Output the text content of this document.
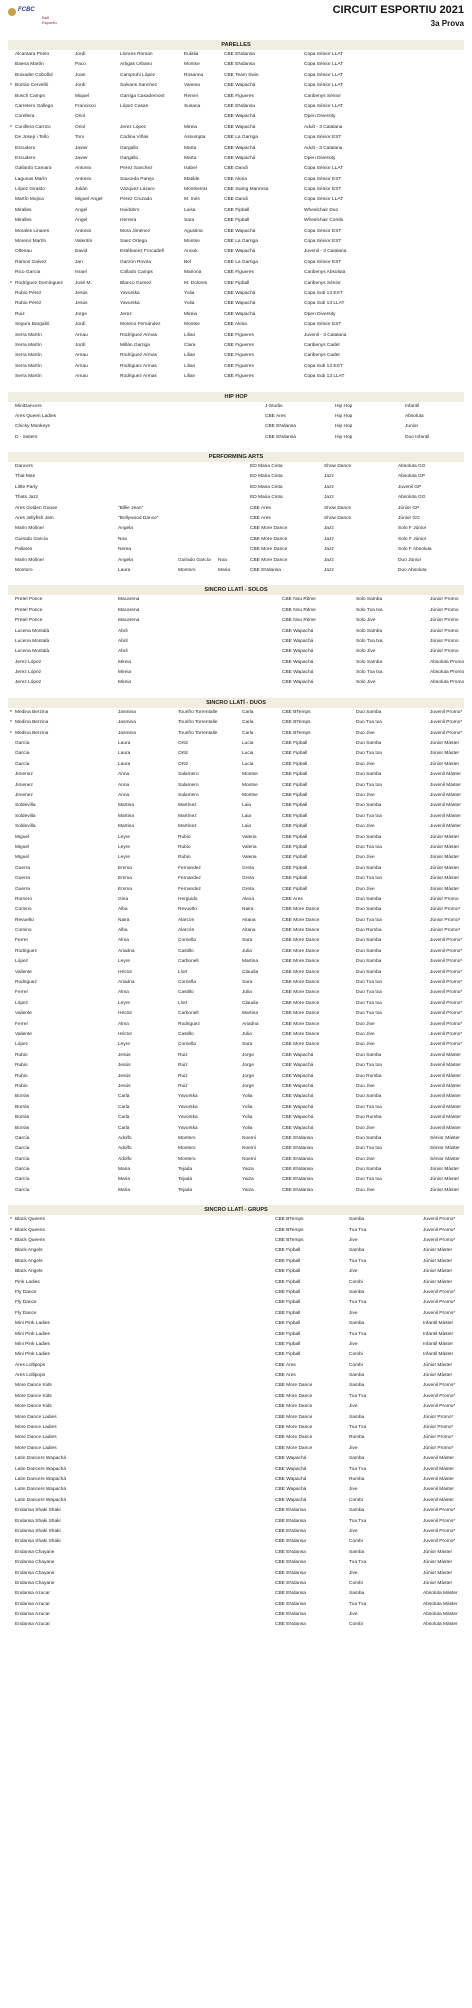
FCBC
Ball Esportiu
CIRCUIT ESPORTIU 2021
3a Prova
PARELLES
Alcantara Prieto	Jordi	Llorens Roman	Eulàlia	CBE ENdansa	Copa Sènior LLAT
Baena Martín	Paco	Artigas Urbano	Montse	CBE ENdansa	Copa Sènior LLAT
Boixader Cobollol	Joan	Campruhi López	Rosanna	CBE Team Swin	Copa Sènior LLAT
* Borrào Cervelló	Jordi	Salvans Sanchez	Vanesa	CBE Wapachá	Copa Sènior LLAT
Bosch Camps	Miquel	Garriga Casademont	Remei	CBE Figueres	Caribenys Sènior
Carretero Gallego	Francisco	López Casas	Susana	CBE ENdansa	Copa Sènior LLAT
Corellera	Oriol	CBE Wapachá	Open Diversity
* Cunillera Carrizo	Oriol	Jerez López	Mireia	CBE Wapachá	Adult - 3 Catalana
De Josep i Tello	Toni	Codina Viñas	Assumpta	CBE La Garriga	Copa Sènior EST
Escudero	Javier	Gargallo	Marta	CBE Wapachá	Adult - 3 Catalana
Escudero	Javier	Gargallo	Marta	CBE Wapachá	Open Diversity
Gallardo Camara	Antonio	Perez Sanchez	Isabel	CBE Dandi	Copa Sènior LLAT
Lagunas Marín	Antonio	Sauceda Parejo	Matilde	CBE Akiria	Copa Sènior EST
López Giraldo	Julián	Vázquez Lázaro	Montserrat	CBE Swing Manresa	Copa Sènior EST
Martín Mojica	Miguel Angel	Pérez Cruzado	M. Inés	CBE Dandi	Copa Sènior LLAT
Miralles	Angel	Huidobro	Luisa	CBE Fipball	Wheelchair Duo
Miralles	Angel	Herrera	Sara	CBE Fipball	Wheelchair Combi
Morales Linares	Antonio	Mora Jiménez	Agustina	CBE Wapachá	Copa Sènior EST
Moreno Martín	Valentín	Saez Ortega	Montse	CBE La Garriga	Copa Sènior EST
Oltenau	David	Estébanez Forcadell	Anouk	CBE Wapachá	Juvenil - 3 Catalana
Ramos Galvez	Jan	Garzon Rovira	Bel	CBE La Garriga	Copa Sènior EST
Rico García	Israel	Collado Camps	Mariona	CBE Figueres	Caribenys Absoluta
* Rodríguez Domínguez	José M.	Blanco Gomez	M. Dolores	CBE Fipball	Caribenys Sènior
Rubio Pérez	Jesús	Yavorska	Yulia	CBE Wapachá	Copa Sub 13 EST
Rubio Pérez	Jesús	Yavorska	Yulia	CBE Wapachá	Copa Sub 13 LLAT
Ruiz	Jorge	Jerez	Mireia	CBE Wapachá	Open Diversity
Segura Bargalló	Jordi	Moreno Fernández	Montse	CBE Akiria	Copa Sènior EST
Serra Martín	Arnau	Rodríguez Armas	Lilian	CBE Figueres	Juvenil - 3 Catalana
Serra Martín	Jordi	Millán Garriga	Clara	CBE Figueres	Caribenys Cadet
Serra Martín	Arnau	Rodríguez Armas	Lilian	CBE Figueres	Caribenys Cadet
Serra Martín	Arnau	Rodriguez Armas	Lilian	CBE Figueres	Copa Sub 13 EST
Serra Martín	Arnau	Rodriguez Armas	Lilian	CBE Figueres	Copa Sub 13 LLAT
HIP HOP
MiniDancers	J-Studio	Hip Hop	Infantil
Ares Queen Ladies	CBE Ares	Hip Hop	Absoluta
Chicky Monkeys	CBE ENdansa	Hip Hop	Junior
D - Sisters	CBE ENdansa	Hip Hop	Duo Infantil
PERFORMING ARTS
Dancers	ED Maria Cinta	Show Dance	Absoluta GG
That Man	ED Maria Cinta	Jazz	Absoluta GP
Little Party	ED Maria Cinta	Jazz	Juvenil GP
Thats Jazz	ED Maria Cinta	Jazz	Absoluta GG
Ares Golden Goose	"Billie Jean"	CBE Ares	Show Dance	Júnior GP
Ares Jellyfish Jam	"Bollywood Dance"	CBE Ares	Show Dance	Júnior GG
Marin Moliner	Angela	CBE More Dance	Jazz	Solo F Júnior
Guirado García	Noa	CBE More Dance	Jazz	Solo F Júnior
Pallarés	Nerea	CBE More Dance	Jazz	Solo F Absoluta
Marin Moliner	Angela	Guirado García	Noa	CBE More Dance	Jazz	Duo Júnior
Montoro	Laura	Montoro	Maria	CBE ENdansa	Jazz	Duo Absoluta
SINCRO LLATÍ - SOLOS
Pretel Ponce	Macarena	CBE Nou Ritme	Solo Samba	Júnior Promo
Pretel Ponce	Macarena	CBE Nou Ritme	Solo Txa txa	Júnior Promo
Pretel Ponce	Macarena	CBE Nou Ritme	Solo Jive	Júnior Promo
Lucena Montalà	Abril	CBE Wapachá	Solo Samba	Júnior Promo
Lucena Montalà	Abril	CBE Wapachá	Solo Txa txa	Júnior Promo
Lucena Montalà	Abril	CBE Wapachá	Solo Jive	Júnior Promo
Jerez López	Mireia	CBE Wapachá	Solo Samba	Absoluta Promo
Jerez López	Mireia	CBE Wapachá	Solo Txa txa	Absoluta Promo
Jerez López	Mireia	CBE Wapachá	Solo Jive	Absoluta Promo
SINCRO LLATÍ - DUOS
* Medina Berzina	Jasmina	Touriño Torrentalle	Carla	CBE BTemps	Duo Samba	Juvenil Promo*
* Medina Berzina	Jasmina	Touriño Torrentalle	Carla	CBE BTemps	Duo Txa txa	Juvenil Promo*
* Medina Berzina	Jasmina	Touriño Torrentalle	Carla	CBE BTemps	Duo Jive	Juvenil Promo*
García	Laura	Ortiz	Lucia	CBE Fipball	Duo Samba	Júnior Màster
García	Laura	Ortiz	Lucia	CBE Fipball	Duo Txa txa	Júnior Màster
García	Laura	Ortiz	Lucia	CBE Fipball	Duo Jive	Júnior Màster
Jimenez	Anna	Salamero	Montse	CBE Fipball	Duo Samba	Juvenil Màster
Jimenez	Anna	Salamero	Montse	CBE Fipball	Duo Txa txa	Juvenil Màster
Jimenez	Anna	Salamero	Montse	CBE Fipball	Duo Jive	Juvenil Màster
Soldevilla	Martina	Martínez	Laia	CBE Fipball	Duo Samba	Juvenil Màster
Soldevilla	Martina	Martínez	Laia	CBE Fipball	Duo Txa txa	Juvenil Màster
Soldevilla	Martina	Martínez	Laia	CBE Fipball	Duo Jive	Juvenil Màster
Miguel	Leyre	Rubio	Valeria	CBE Fipball	Duo Samba	Júnior Màster
Miguel	Leyre	Rubio	Valeria	CBE Fipball	Duo Txa txa	Júnior Màster
Miguel	Leyre	Rubio	Valeria	CBE Fipball	Duo Jive	Júnior Màster
Guerra	Emma	Fernandez	Greta	CBE Fipball	Duo Samba	Júnior Màster
Guerra	Emma	Fernandez	Greta	CBE Fipball	Duo Txa txa	Júnior Màster
Guerra	Emma	Fernandez	Greta	CBE Fipball	Duo Jive	Júnior Màster
Romero	Gina	Herguido	Alexa	CBE Ares	Duo Samba	Júnior Promo
Comino	Alba	Revuelto	Naira	CBE More Dance	Duo Samba	Júnior Promo*
Revuelto	Naira	Alarcón	Aitana	CBE More Dance	Duo Txa txa	Júnior Promo*
Comino	Alba	Alarcón	Aitana	CBE More Dance	Duo Rumba	Júnior Promo*
Ferrer	Alma	Cornella	Sara	CBE More Dance	Duo Samba	Juvenil Promo*
Rodriguez	Ariadna	Castillo	Julia	CBE More Dance	Duo Samba	Juvenil Promo*
López	Leyre	Carbonell	Martina	CBE More Dance	Duo Samba	Juvenil Promo*
Valiente	Héctor	Llort	Claudia	CBE More Dance	Duo Samba	Juvenil Promo*
Rodriguez	Ariadna	Cornella	Sara	CBE More Dance	Duo Txa txa	Juvenil Promo*
Ferrer	Alma	Castillo	Julia	CBE More Dance	Duo Txa txa	Juvenil Promo*
López	Leyre	Llort	Claudia	CBE More Dance	Duo Txa txa	Juvenil Promo*
Valiente	Héctor	Carbonell	Martina	CBE More Dance	Duo Txa txa	Juvenil Promo*
Ferrer	Alma	Rodriguez	Ariadna	CBE More Dance	Duo Jive	Juvenil Promo*
Valiente	Héctor	Castillo	Julia	CBE More Dance	Duo Jive	Juvenil Promo*
López	Leyre	Cornella	Sara	CBE More Dance	Duo Jive	Juvenil Promo*
Rubio	Jesús	Ruiz	Jorge	CBE Wapachá	Duo Samba	Juvenil Màster
Rubio	Jesús	Ruiz	Jorge	CBE Wapachá	Duo Txa txa	Juvenil Màster
Rubio	Jesús	Ruiz	Jorge	CBE Wapachá	Duo Rumba	Juvenil Màster
Rubio	Jesús	Ruiz	Jorge	CBE Wapachá	Duo Jive	Juvenil Màster
Borràs	Carla	Yavorska	Yulia	CBE Wapachá	Duo Samba	Juvenil Màster
Borràs	Carla	Yavorska	Yulia	CBE Wapachá	Duo Txa txa	Juvenil Màster
Borràs	Carla	Yavorska	Yulia	CBE Wapachá	Duo Rumba	Juvenil Màster
Borràs	Carla	Yavorska	Yulia	CBE Wapachá	Duo Jive	Juvenil Màster
García	Adolfo	Montero	Noemí	CBE ENdansa	Duo Samba	Sènior Màster
García	Adolfo	Montero	Noemí	CBE ENdansa	Duo Txa txa	Sènior Màster
García	Adolfo	Montero	Noemí	CBE ENdansa	Duo Jive	Sènior Màster
García	Maria	Tejada	Yaiza	CBE ENdansa	Duo Samba	Júnior Màster
García	Maria	Tejada	Yaiza	CBE ENdansa	Duo Txa txa	Júnior Màster
García	Maria	Tejada	Yaiza	CBE ENdansa	Duo Jive	Júnior Màster
SINCRO LLATÍ - GRUPS
* Black Queens	CBE BTemps	Samba	Juvenil Promo*
* Black Queens	CBE BTemps	Txa Txa	Juvenil Promo*
* Black Queens	CBE BTemps	Jive	Juvenil Promo*
Black Angels	CBE Fipball	Samba	Júnior Màster
Black Angels	CBE Fipball	Txa Txa	Júnior Màster
Black Angels	CBE Fipball	Jive	Júnior Màster
Pink Ladies	CBE Fipball	Combi	Júnior Màster
Fly Dance	CBE Fipball	Samba	Juvenil Promo*
Fly Dance	CBE Fipball	Txa Txa	Juvenil Promo*
Fly Dance	CBE Fipball	Jive	Juvenil Promo*
Mini Pink Ladies	CBE Fipball	Samba	Infantil Màster
Mini Pink Ladies	CBE Fipball	Txa Txa	Infantil Màster
Mini Pink Ladies	CBE Fipball	Jive	Infantil Màster
Mini Pink Ladies	CBE Fipball	Combi	Infantil Màster
Ares Lollipops	CBE Ares	Combi	Júnior Màster
Ares Lollipops	CBE Ares	Samba	Júnior Màster
More Dance Kids	CBE More Dance	Samba	Juvenil Promo*
More Dance Kids	CBE More Dance	Txa Txa	Juvenil Promo*
More Dance Kids	CBE More Dance	Jive	Juvenil Promo*
More Dance Ladies	CBE More Dance	Samba	Júnior Promo*
More Dance Ladies	CBE More Dance	Txa Txa	Júnior Promo*
More Dance Ladies	CBE More Dance	Rumba	Júnior Promo*
More Dance Ladies	CBE More Dance	Jive	Júnior Promo*
Latin Dancers Wapachá	CBE Wapachá	Samba	Juvenil Màster
Latin Dancers Wapachá	CBE Wapachá	Txa Txa	Juvenil Màster
Latin Dancers Wapachá	CBE Wapachá	Rumba	Juvenil Màster
Latin Dancers Wapachá	CBE Wapachá	Jive	Juvenil Màster
Latin Dancers Wapachá	CBE Wapachá	Combi	Juvenil Màster
Endansa Shaki Shaki	CBE ENdansa	Samba	Juvenil Promo*
Endansa Shaki Shaki	CBE ENdansa	Txa Txa	Juvenil Promo*
Endansa Shaki Shaki	CBE ENdansa	Jive	Juvenil Promo*
Endansa Shaki Shaki	CBE ENdansa	Combi	Juvenil Promo*
Endansa Chayane	CBE ENdansa	Samba	Júnior Màster
Endansa Chayane	CBE ENdansa	Txa Txa	Júnior Màster
Endansa Chayane	CBE ENdansa	Jive	Júnior Màster
Endansa Chayane	CBE ENdansa	Combi	Júnior Màster
Endansa Azucar	CBE ENdansa	Samba	Absoluta Màster
Endansa Azucar	CBE ENdansa	Txa Txa	Absoluta Màster
Endansa Azucar	CBE ENdansa	Jive	Absoluta Màster
Endansa Azucar	CBE ENdansa	Combi	Absoluta Màster
